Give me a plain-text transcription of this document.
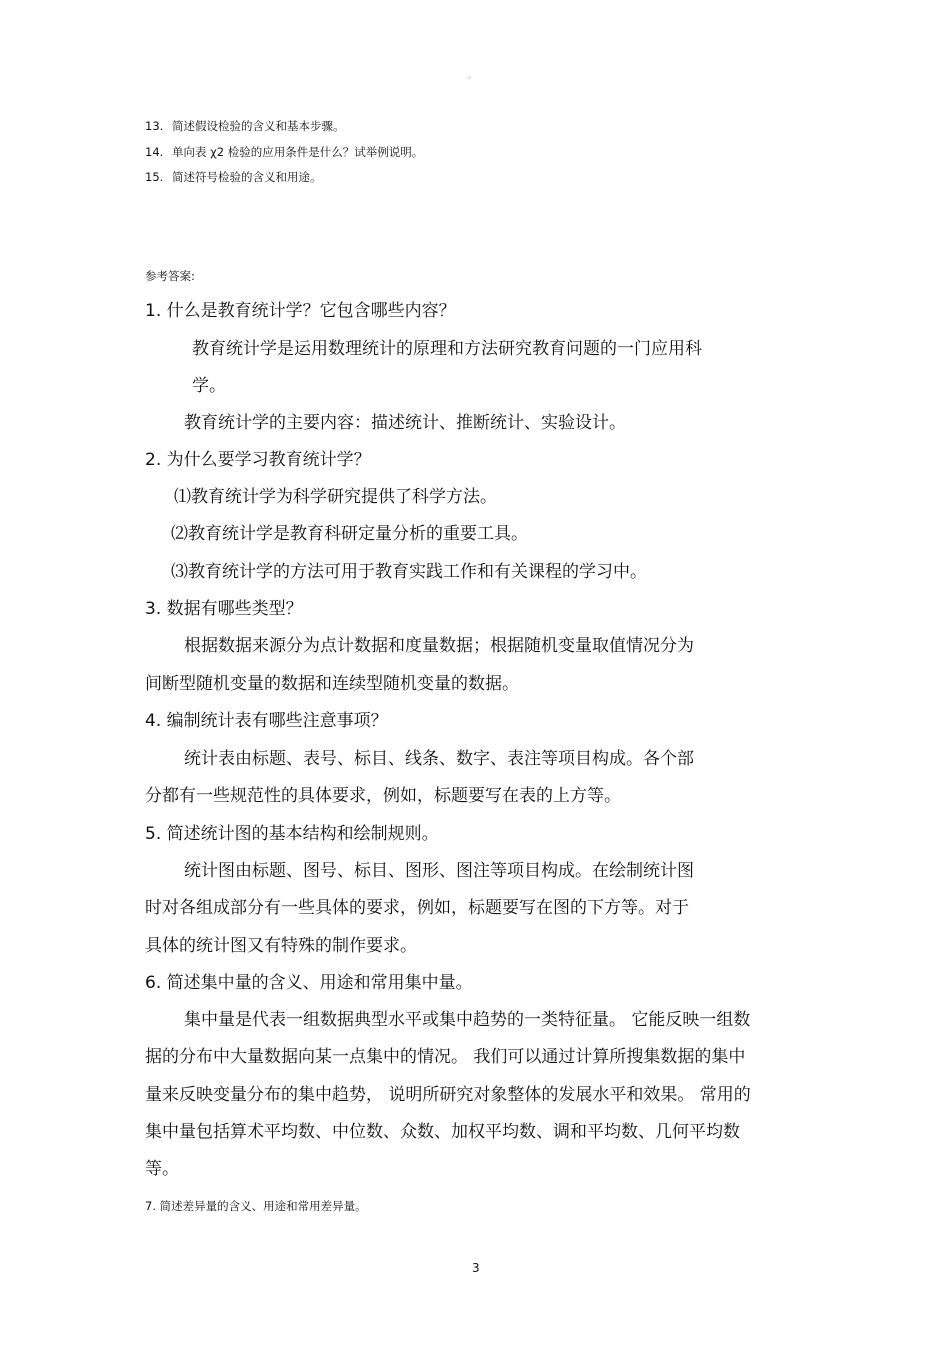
。
13. 简述假设检验的含义和基本步骤。
14. 单向表 χ2 检验的应用条件是什么？试举例说明。
15. 简述符号检验的含义和用途。
参考答案:
1. 什么是教育统计学？它包含哪些内容？
教育统计学是运用数理统计的原理和方法研究教育问题的一门应用科
学。
教育统计学的主要内容：描述统计、推断统计、实验设计。
2. 为什么要学习教育统计学？
⑴教育统计学为科学研究提供了科学方法。
⑵教育统计学是教育科研定量分析的重要工具。
⑶教育统计学的方法可用于教育实践工作和有关课程的学习中。
3. 数据有哪些类型？
根据数据来源分为点计数据和度量数据；根据随机变量取值情况分为
间断型随机变量的数据和连续型随机变量的数据。
4. 编制统计表有哪些注意事项？
统计表由标题、表号、标目、线条、数字、表注等项目构成。各个部
分都有一些规范性的具体要求，例如，标题要写在表的上方等。
5. 简述统计图的基本结构和绘制规则。
统计图由标题、图号、标目、图形、图注等项目构成。在绘制统计图
时对各组成部分有一些具体的要求，例如，标题要写在图的下方等。对于
具体的统计图又有特殊的制作要求。
6. 简述集中量的含义、用途和常用集中量。
集中量是代表一组数据典型水平或集中趋势的一类特征量。 它能反映一组数
据的分布中大量数据向某一点集中的情况。 我们可以通过计算所搜集数据的集中
量来反映变量分布的集中趋势， 说明所研究对象整体的发展水平和效果。 常用的
集中量包括算术平均数、中位数、众数、加权平均数、调和平均数、几何平均数
等。
7. 简述差异量的含义、用途和常用差异量。
3
